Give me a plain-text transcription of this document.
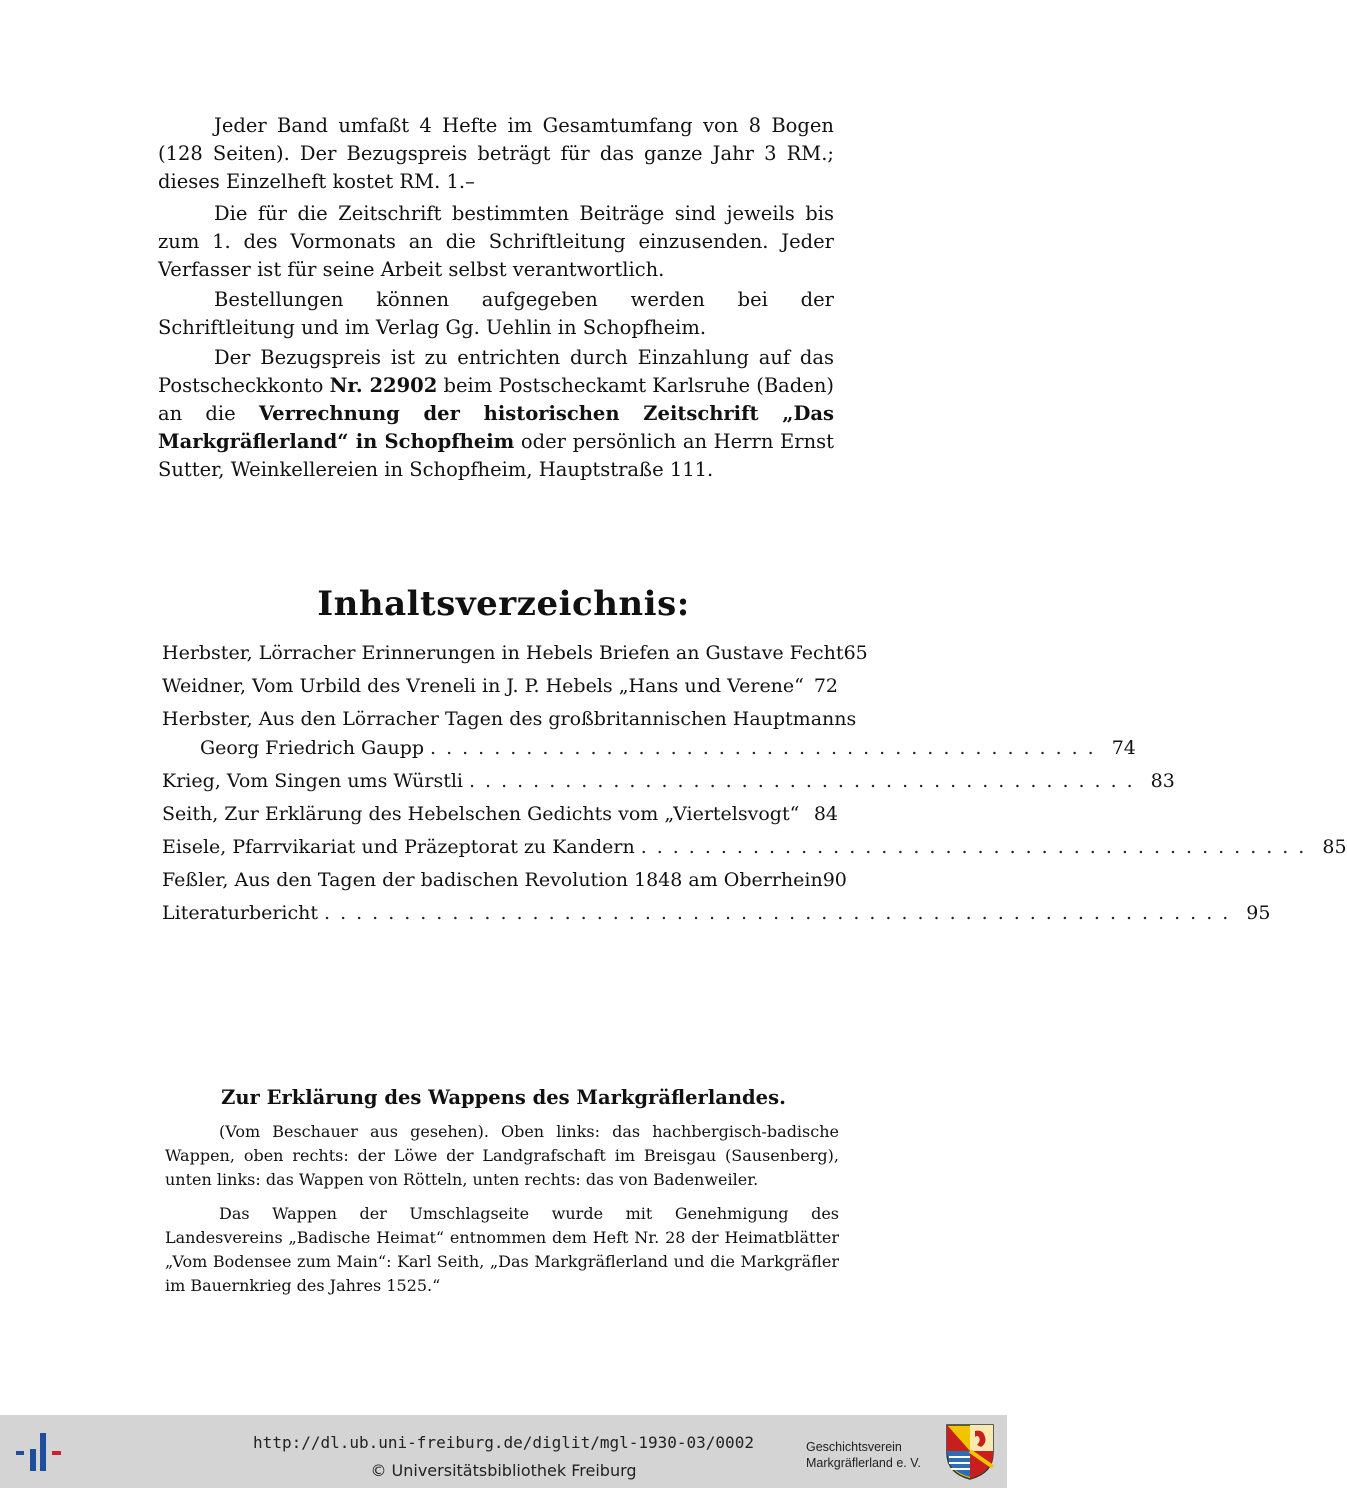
Jeder Band umfaßt 4 Hefte im Gesamtumfang von 8 Bogen (128 Seiten). Der Bezugspreis beträgt für das ganze Jahr 3 RM.; dieses Einzelheft kostet RM. 1.–

Die für die Zeitschrift bestimmten Beiträge sind jeweils bis zum 1. des Vormonats an die Schriftleitung einzusenden. Jeder Verfasser ist für seine Arbeit selbst verantwortlich.

Bestellungen können aufgegeben werden bei der Schriftleitung und im Verlag Gg. Uehlin in Schopfheim.

Der Bezugspreis ist zu entrichten durch Einzahlung auf das Postscheckkonto Nr. 22902 beim Postscheckamt Karlsruhe (Baden) an die Verrechnung der historischen Zeitschrift „Das Markgräflerland“ in Schopfheim oder persönlich an Herrn Ernst Sutter, Weinkellereien in Schopfheim, Hauptstraße 111.

Inhaltsverzeichnis:
Herbster, Lörracher Erinnerungen in Hebels Briefen an Gustave Fecht 65
Weidner, Vom Urbild des Vreneli in J. P. Hebels „Hans und Verene“ 72
Herbster, Aus den Lörracher Tagen des großbritannischen Hauptmanns
Georg Friedrich Gaupp .......................................... 74
Krieg, Vom Singen ums Würstli .......................................... 83
Seith, Zur Erklärung des Hebelschen Gedichts vom „Viertelsvogt“ 84
Eisele, Pfarrvikariat und Präzeptorat zu Kandern .......................................... 85
Feßler, Aus den Tagen der badischen Revolution 1848 am Oberrhein 90
Literaturbericht ......................................................... 95
Zur Erklärung des Wappens des Markgräflerlandes.

(Vom Beschauer aus gesehen). Oben links: das hachbergisch-badische Wappen, oben rechts: der Löwe der Landgrafschaft im Breisgau (Sausenberg), unten links: das Wappen von Rötteln, unten rechts: das von Badenweiler.

Das Wappen der Umschlagseite wurde mit Genehmigung des Landesvereins „Badische Heimat“ entnommen dem Heft Nr. 28 der Heimatblätter „Vom Bodensee zum Main“: Karl Seith, „Das Markgräflerland und die Markgräfler im Bauernkrieg des Jahres 1525.“

http://dl.ub.uni-freiburg.de/diglit/mgl-1930-03/0002
© Universitätsbibliothek Freiburg
Geschichtsverein
Markgräflerland e. V.
